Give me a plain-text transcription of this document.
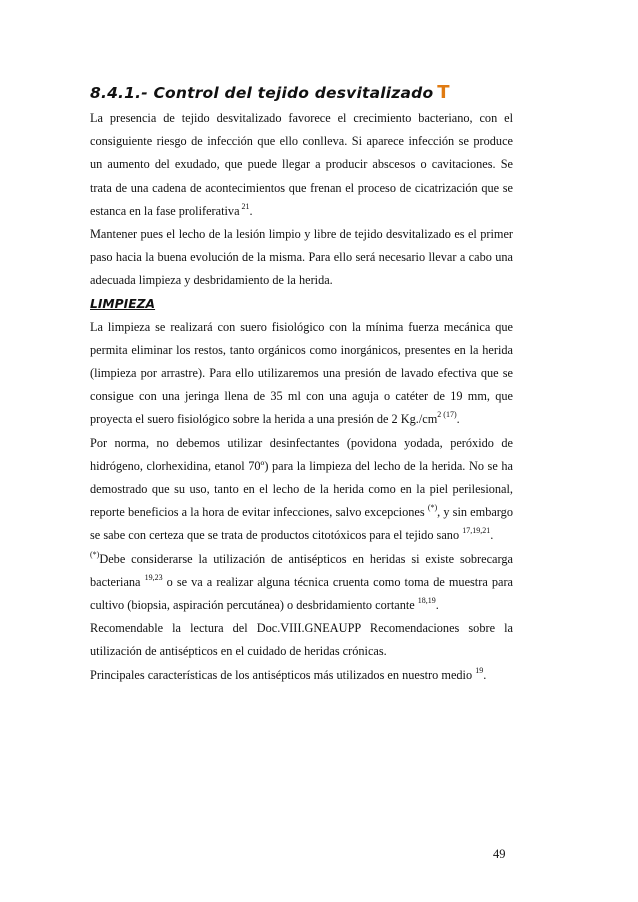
8.4.1.- Control del tejido desvitalizado T

La presencia de tejido desvitalizado favorece el crecimiento bacteriano, con el consiguiente riesgo de infección que ello conlleva. Si aparece infección se produce un aumento del exudado, que puede llegar a producir abscesos o cavitaciones. Se trata de una cadena de acontecimientos que frenan el proceso de cicatrización que se estanca en la fase proliferativa $^{21}$.

Mantener pues el lecho de la lesión limpio y libre de tejido desvitalizado es el primer paso hacia la buena evolución de la misma. Para ello será necesario llevar a cabo una adecuada limpieza y desbridamiento de la herida.

LIMPIEZA

La limpieza se realizará con suero fisiológico con la mínima fuerza mecánica que permita eliminar los restos, tanto orgánicos como inorgánicos, presentes en la herida (limpieza por arrastre). Para ello utilizaremos una presión de lavado efectiva que se consigue con una jeringa llena de 35 ml con una aguja o catéter de 19 mm, que proyecta el suero fisiológico sobre la herida a una presión de 2 $Kg./cm^{2 (17)}$.

Por norma, no debemos utilizar desinfectantes (povidona yodada, peróxido de hidrógeno, clorhexidina, etanol 70º) para la limpieza del lecho de la herida. No se ha demostrado que su uso, tanto en el lecho de la herida como en la piel perilesional, reporte beneficios a la hora de evitar infecciones, salvo excepciones (*), y sin embargo se sabe con certeza que se trata de productos citotóxicos para el tejido sano $^{17,19,21}$.

(*)Debe considerarse la utilización de antisépticos en heridas si existe sobrecarga bacteriana $^{19,23}$ o se va a realizar alguna técnica cruenta como toma de muestra para cultivo (biopsia, aspiración percutánea) o desbridamiento cortante $^{18,19}$.

Recomendable la lectura del Doc.VIII.GNEAUPP Recomendaciones sobre la utilización de antisépticos en el cuidado de heridas crónicas.

Principales características de los antisépticos más utilizados en nuestro medio $^{19}$.

49
